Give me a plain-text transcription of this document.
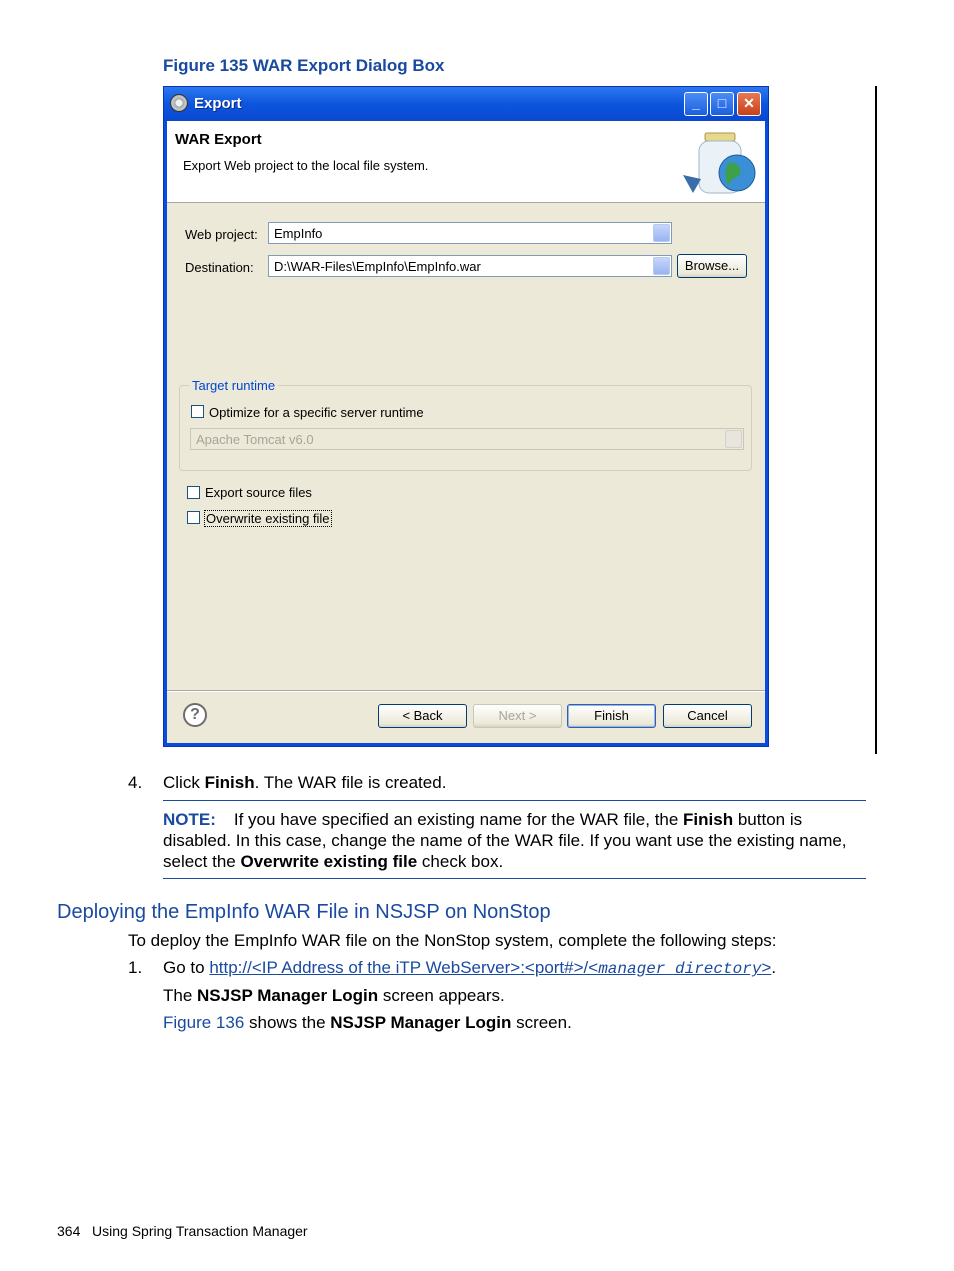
Figure 135 WAR Export Dialog Box
Export	_	□	✕
WAR Export
Export Web project to the local file system.
Web project: EmpInfo
Destination: D:\WAR-Files\EmpInfo\EmpInfo.war	Browse...
Target runtime
Optimize for a specific server runtime
Apache Tomcat v6.0
Export source files
Overwrite existing file
?	< Back	Next >	Finish	Cancel
4. Click Finish. The WAR file is created.
NOTE: If you have specified an existing name for the WAR file, the Finish button is disabled. In this case, change the name of the WAR file. If you want use the existing name, select the Overwrite existing file check box.
Deploying the EmpInfo WAR File in NSJSP on NonStop
To deploy the EmpInfo WAR file on the NonStop system, complete the following steps:
1. Go to http://<IP Address of the iTP WebServer>:<port#>/<manager directory>.
The NSJSP Manager Login screen appears.
Figure 136 shows the NSJSP Manager Login screen.
364 Using Spring Transaction Manager
